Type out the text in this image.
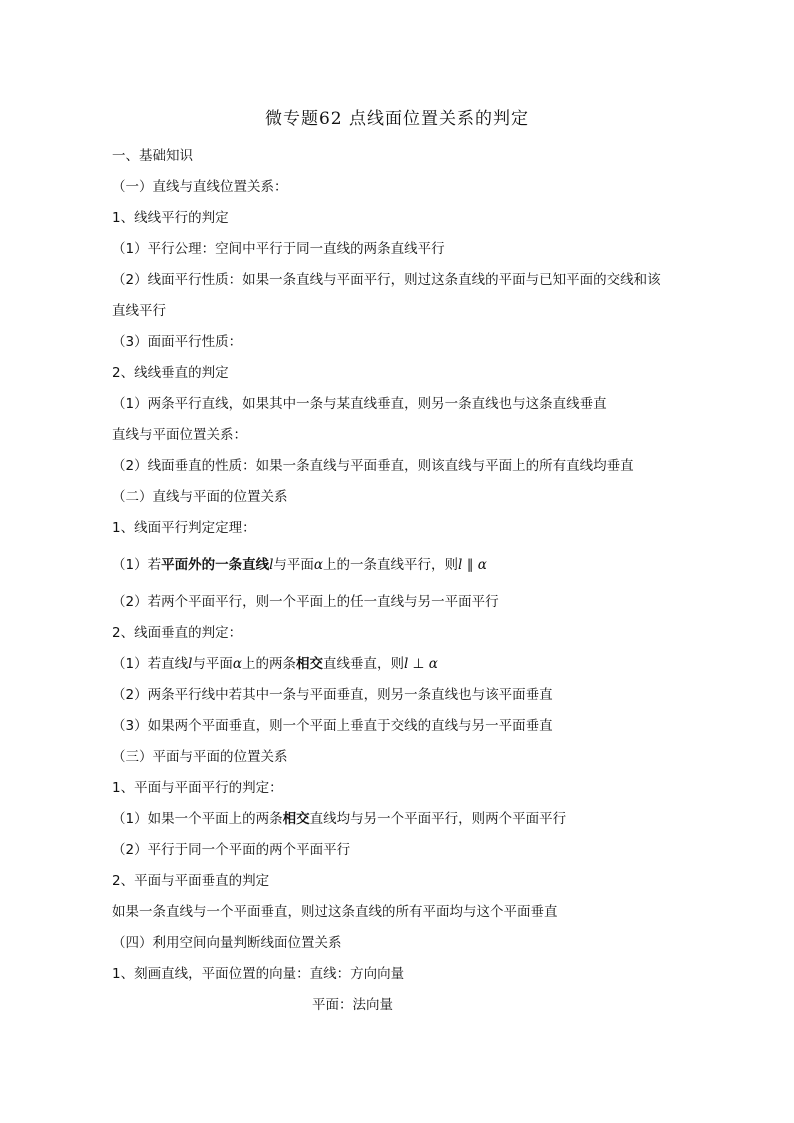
微专题62 点线面位置关系的判定
一、基础知识
（一）直线与直线位置关系：
1、线线平行的判定
（1）平行公理：空间中平行于同一直线的两条直线平行
（2）线面平行性质：如果一条直线与平面平行，则过这条直线的平面与已知平面的交线和该
直线平行
（3）面面平行性质：
2、线线垂直的判定
（1）两条平行直线，如果其中一条与某直线垂直，则另一条直线也与这条直线垂直
直线与平面位置关系：
（2）线面垂直的性质：如果一条直线与平面垂直，则该直线与平面上的所有直线均垂直
（二）直线与平面的位置关系
1、线面平行判定定理：
（1）若平面外的一条直线l与平面α上的一条直线平行，则l ∥ α
（2）若两个平面平行，则一个平面上的任一直线与另一平面平行
2、线面垂直的判定：
（1）若直线l与平面α上的两条相交直线垂直，则l ⊥ α
（2）两条平行线中若其中一条与平面垂直，则另一条直线也与该平面垂直
（3）如果两个平面垂直，则一个平面上垂直于交线的直线与另一平面垂直
（三）平面与平面的位置关系
1、平面与平面平行的判定：
（1）如果一个平面上的两条相交直线均与另一个平面平行，则两个平面平行
（2）平行于同一个平面的两个平面平行
2、平面与平面垂直的判定
如果一条直线与一个平面垂直，则过这条直线的所有平面均与这个平面垂直
（四）利用空间向量判断线面位置关系
1、刻画直线，平面位置的向量：直线：方向向量
平面：法向量
